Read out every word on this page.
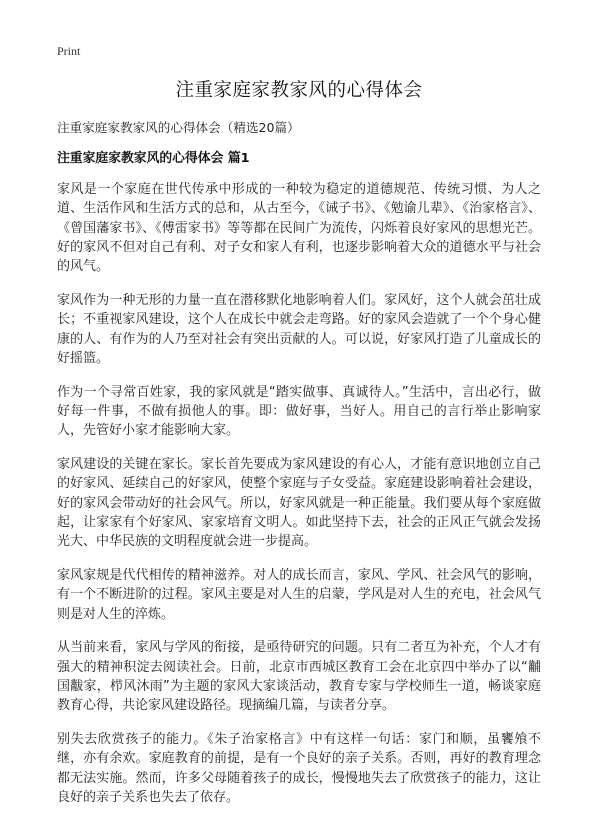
Print
注重家庭家教家风的心得体会
注重家庭家教家风的心得体会（精选20篇）
注重家庭家教家风的心得体会 篇1

家风是一个家庭在世代传承中形成的一种较为稳定的道德规范、传统习惯、为人之道、生活作风和生活方式的总和，从古至今，《诫子书》、《勉谕儿辈》、《治家格言》、《曾国藩家书》、《傅雷家书》等等都在民间广为流传，闪烁着良好家风的思想光芒。好的家风不但对自己有利、对子女和家人有利，也逐步影响着大众的道德水平与社会的风气。

家风作为一种无形的力量一直在潜移默化地影响着人们。家风好，这个人就会茁壮成长；不重视家风建设，这个人在成长中就会走弯路。好的家风会造就了一个个身心健康的人、有作为的人乃至对社会有突出贡献的人。可以说，好家风打造了儿童成长的好摇篮。

作为一个寻常百姓家，我的家风就是“踏实做事、真诚待人。”生活中，言出必行，做好每一件事，不做有损他人的事。即：做好事，当好人。用自己的言行举止影响家人，先管好小家才能影响大家。

家风建设的关键在家长。家长首先要成为家风建设的有心人，才能有意识地创立自己的好家风、延续自己的好家风，使整个家庭与子女受益。家庭建设影响着社会建设，好的家风会带动好的社会风气。所以，好家风就是一种正能量。我们要从每个家庭做起，让家家有个好家风、家家培育文明人。如此坚持下去，社会的正风正气就会发扬光大、中华民族的文明程度就会进一步提高。

家风家规是代代相传的精神滋养。对人的成长而言，家风、学风、社会风气的影响，有一个不断进阶的过程。家风主要是对人生的启蒙，学风是对人生的充电，社会风气则是对人生的淬炼。

从当前来看，家风与学风的衔接，是亟待研究的问题。只有二者互为补充，个人才有强大的精神积淀去阅读社会。日前，北京市西城区教育工会在北京四中举办了以“黼国黻家，栉风沐雨”为主题的家风大家谈活动，教育专家与学校师生一道，畅谈家庭教育心得，共论家风建设路径。现摘编几篇，与读者分享。

别失去欣赏孩子的能力。《朱子治家格言》中有这样一句话：家门和顺，虽饔飧不继，亦有余欢。家庭教育的前提，是有一个良好的亲子关系。否则，再好的教育理念都无法实施。然而，许多父母随着孩子的成长，慢慢地失去了欣赏孩子的能力，这让良好的亲子关系也失去了依存。
